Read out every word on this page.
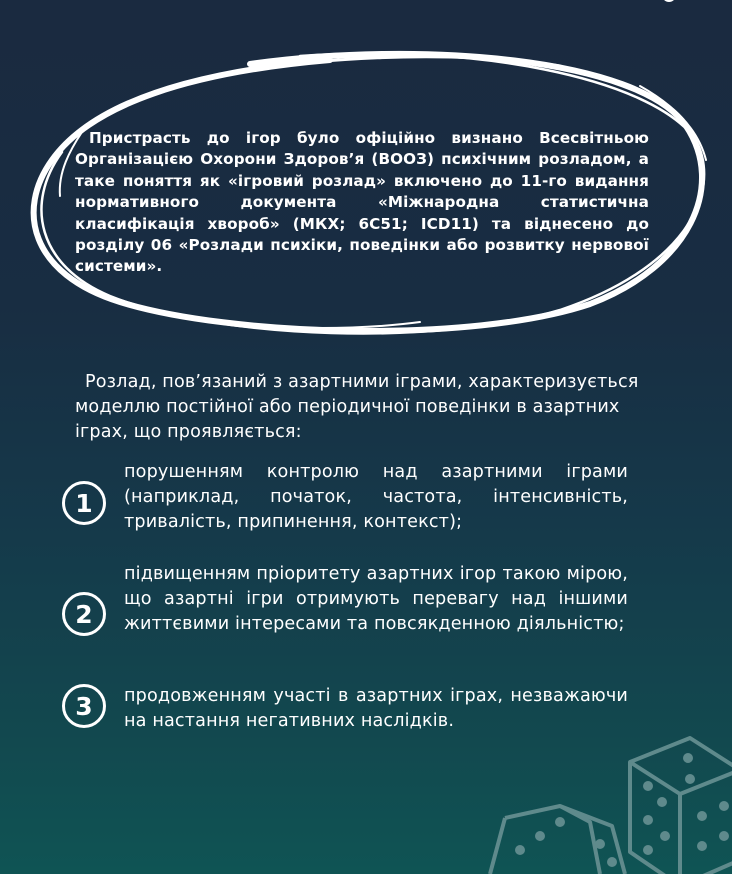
Пристрасть до ігор було офіційно визнано Всесвітньою Організацією Охорони Здоров’я (ВООЗ) психічним розладом, а таке поняття як «ігровий розлад» включено до 11-го видання нормативного документа «Міжнародна статистична класифікація хвороб» (МКХ; 6С51; ICD11) та віднесено до розділу 06 «Розлади психіки, поведінки або розвитку нервової системи».
Розлад, пов’язаний з азартними іграми, характеризується моделлю постійної або періодичної поведінки в азартних іграх, що проявляється:
1
порушенням контролю над азартними іграми (наприклад, початок, частота, інтенсивність, тривалість, припинення, контекст);
2
підвищенням пріоритету азартних ігор такою мірою, що азартні ігри отримують перевагу над іншими життєвими інтересами та повсякденною діяльністю;
3	продовженням участі в азартних іграх, незважаючи на настання негативних наслідків.
